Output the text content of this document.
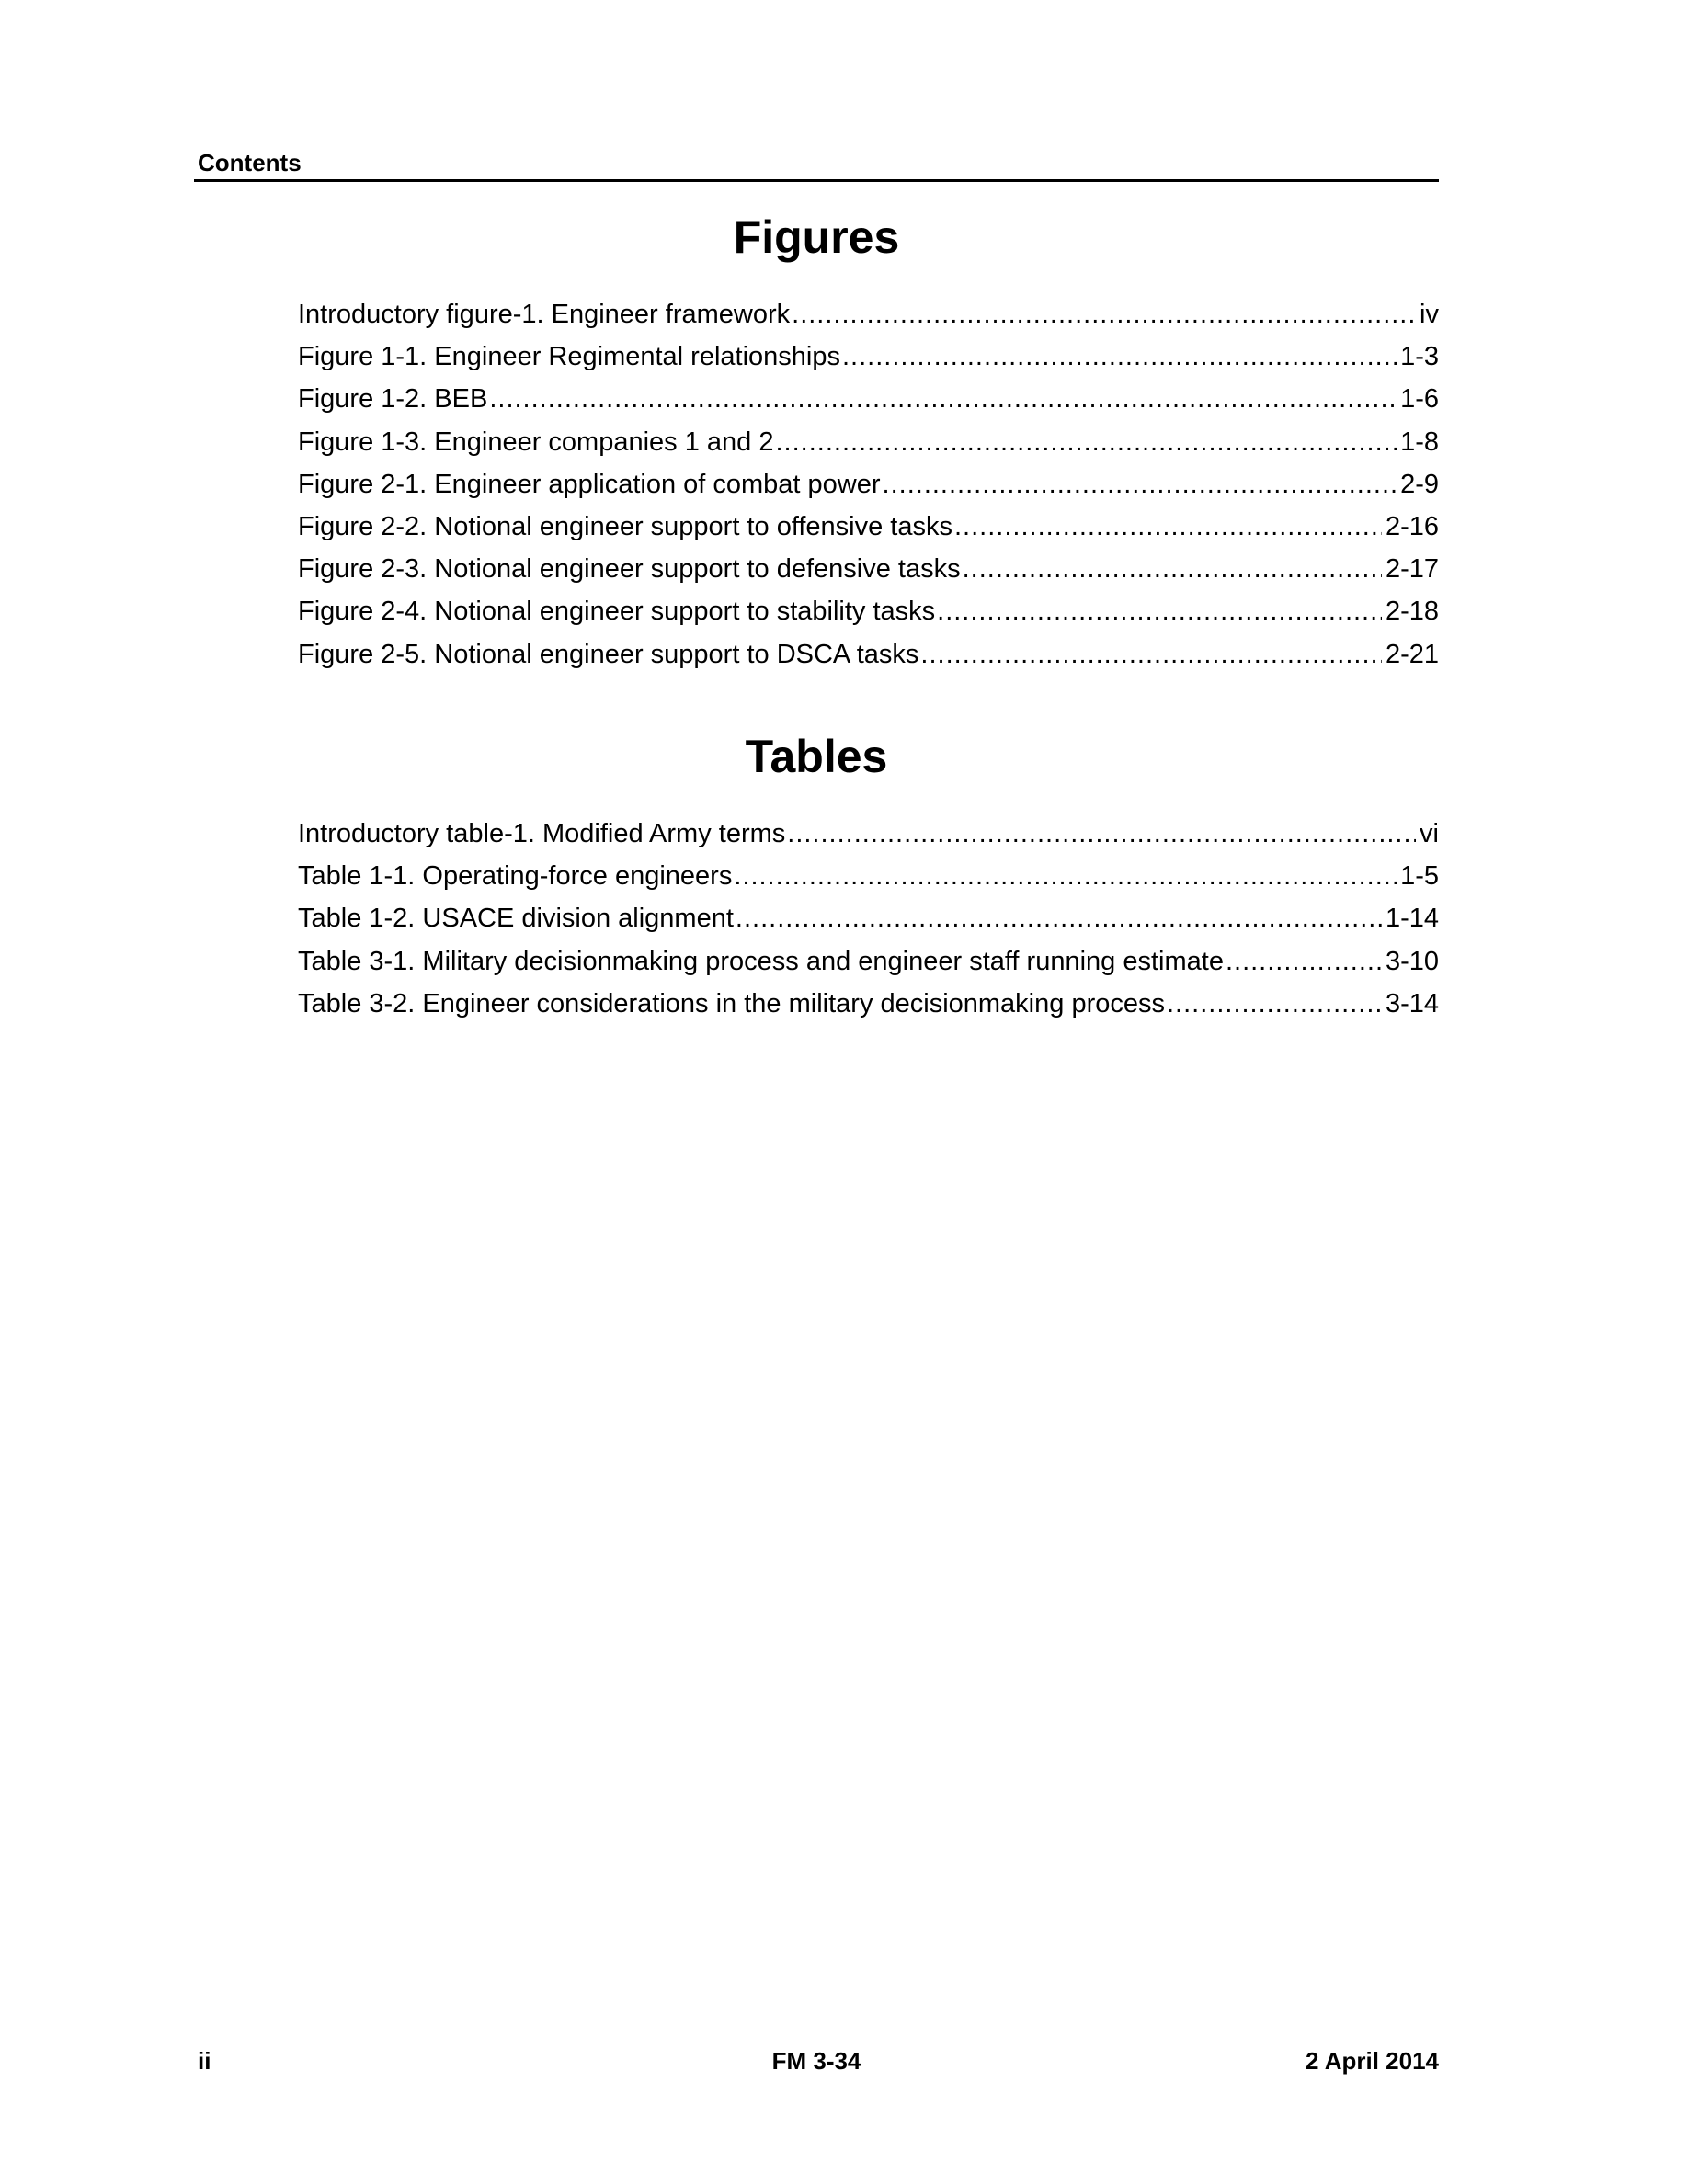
Contents
Figures
Introductory figure-1. Engineer framework .....	iv
Figure 1-1. Engineer Regimental relationships .....	1-3
Figure 1-2. BEB .....	1-6
Figure 1-3. Engineer companies 1 and 2 .....	1-8
Figure 2-1. Engineer application of combat power .....	2-9
Figure 2-2. Notional engineer support to offensive tasks .....	2-16
Figure 2-3. Notional engineer support to defensive tasks .....	2-17
Figure 2-4. Notional engineer support to stability tasks .....	2-18
Figure 2-5. Notional engineer support to DSCA tasks .....	2-21
Tables
Introductory table-1. Modified Army terms .....	vi
Table 1-1. Operating-force engineers .....	1-5
Table 1-2. USACE division alignment .....	1-14
Table 3-1. Military decisionmaking process and engineer staff running estimate .....	3-10
Table 3-2. Engineer considerations in the military decisionmaking process .....	3-14
ii	FM 3-34	2 April 2014
